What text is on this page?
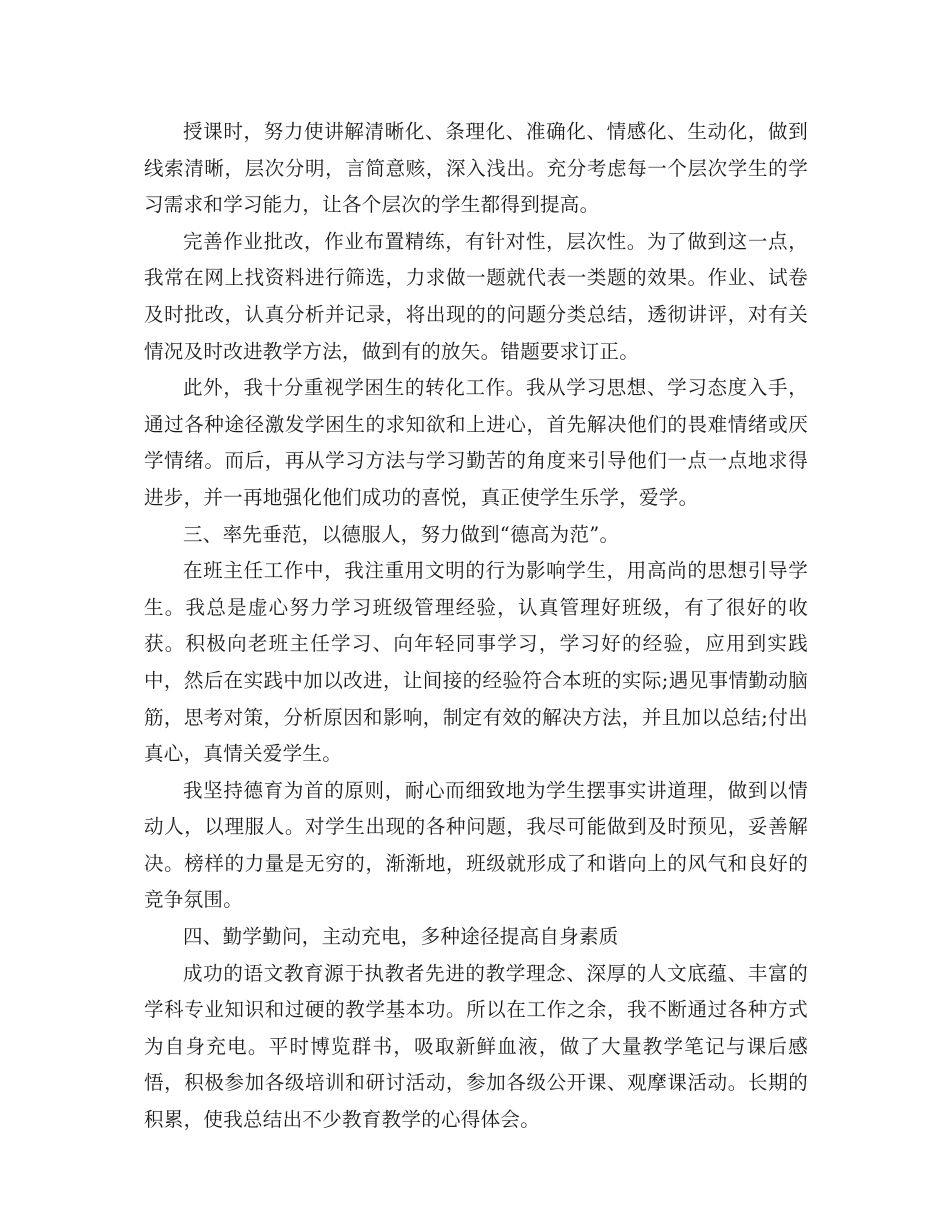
授课时，努力使讲解清晰化、条理化、准确化、情感化、生动化，做到线索清晰，层次分明，言简意赅，深入浅出。充分考虑每一个层次学生的学习需求和学习能力，让各个层次的学生都得到提高。

完善作业批改，作业布置精练，有针对性，层次性。为了做到这一点，我常在网上找资料进行筛选，力求做一题就代表一类题的效果。作业、试卷及时批改，认真分析并记录，将出现的的问题分类总结，透彻讲评，对有关情况及时改进教学方法，做到有的放矢。错题要求订正。

此外，我十分重视学困生的转化工作。我从学习思想、学习态度入手，通过各种途径激发学困生的求知欲和上进心，首先解决他们的畏难情绪或厌学情绪。而后，再从学习方法与学习勤苦的角度来引导他们一点一点地求得进步，并一再地强化他们成功的喜悦，真正使学生乐学，爱学。

三、率先垂范，以德服人，努力做到“德高为范”。

在班主任工作中，我注重用文明的行为影响学生，用高尚的思想引导学生。我总是虚心努力学习班级管理经验，认真管理好班级，有了很好的收获。积极向老班主任学习、向年轻同事学习，学习好的经验，应用到实践中，然后在实践中加以改进，让间接的经验符合本班的实际;遇见事情勤动脑筋，思考对策，分析原因和影响，制定有效的解决方法，并且加以总结;付出真心，真情关爱学生。

我坚持德育为首的原则，耐心而细致地为学生摆事实讲道理，做到以情动人，以理服人。对学生出现的各种问题，我尽可能做到及时预见，妥善解决。榜样的力量是无穷的，渐渐地，班级就形成了和谐向上的风气和良好的竞争氛围。

四、勤学勤问，主动充电，多种途径提高自身素质

成功的语文教育源于执教者先进的教学理念、深厚的人文底蕴、丰富的学科专业知识和过硬的教学基本功。所以在工作之余，我不断通过各种方式为自身充电。平时博览群书，吸取新鲜血液，做了大量教学笔记与课后感悟，积极参加各级培训和研讨活动，参加各级公开课、观摩课活动。长期的积累，使我总结出不少教育教学的心得体会。
